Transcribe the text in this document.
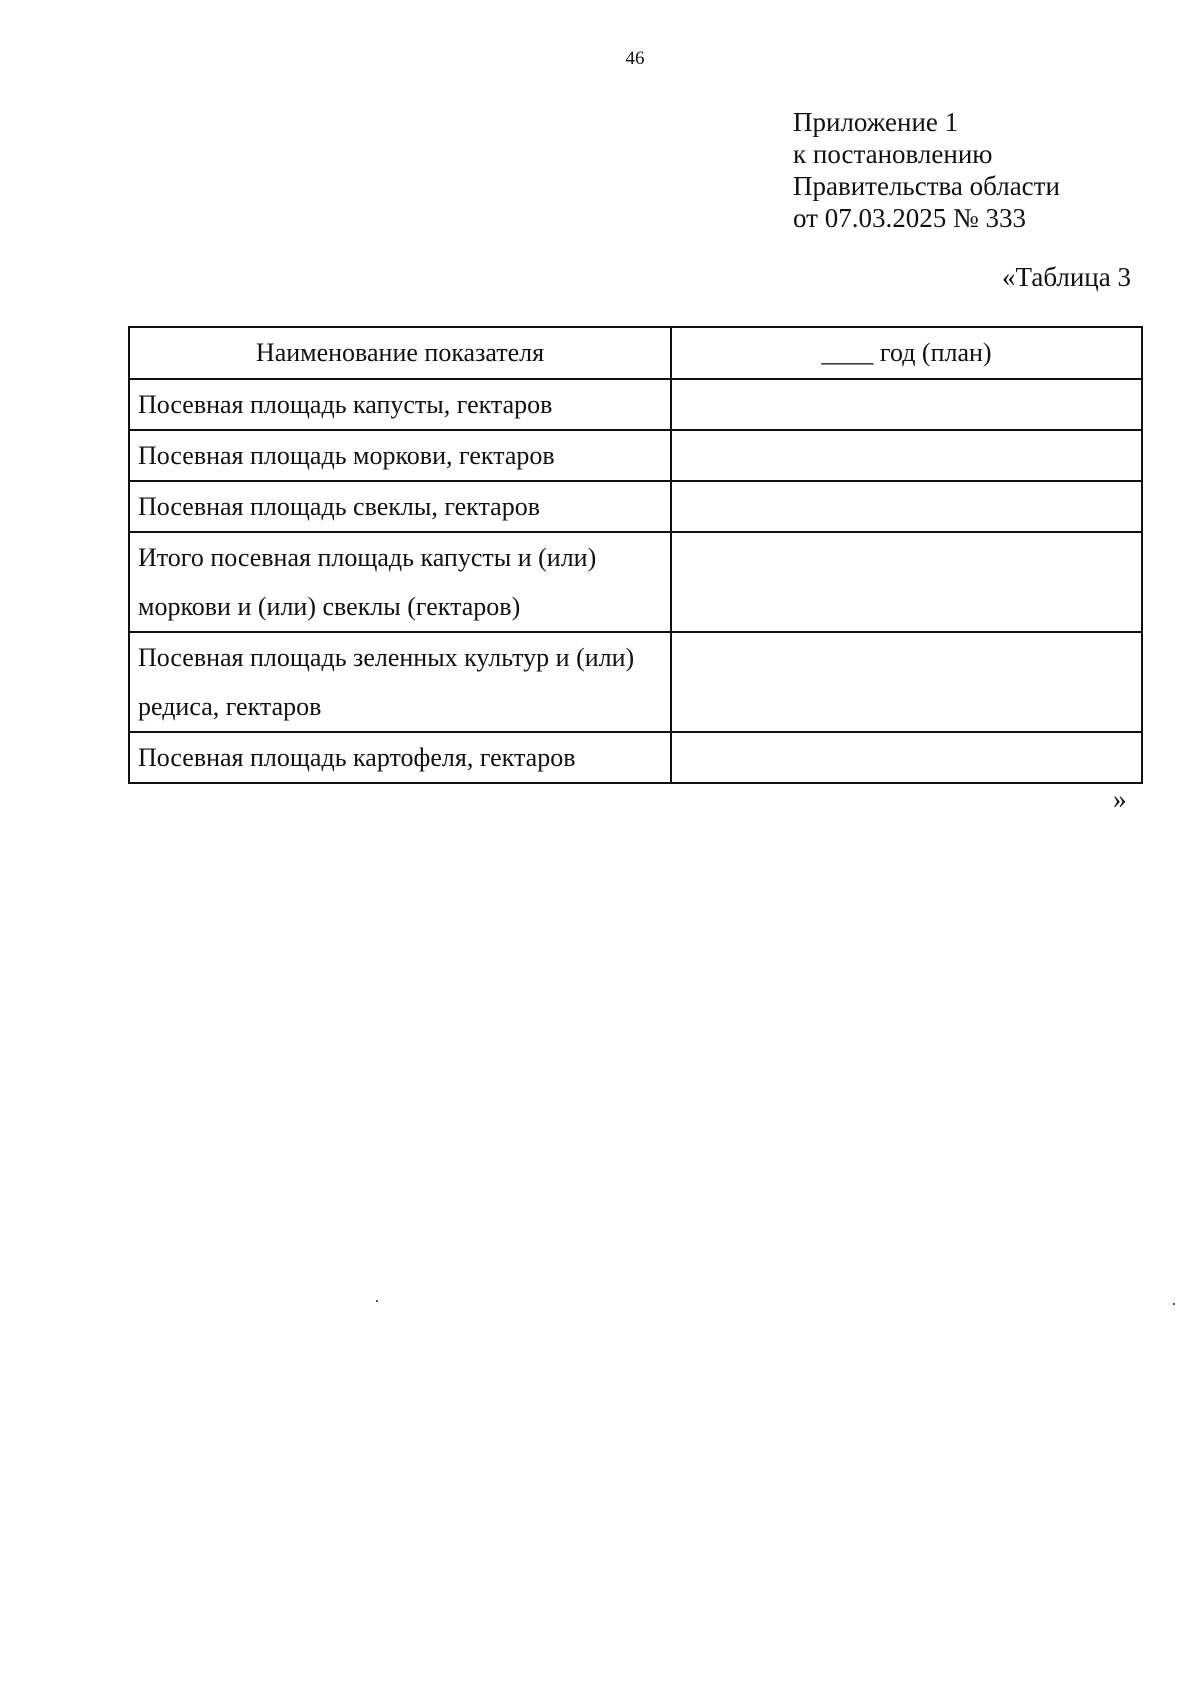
46
Приложение 1
к постановлению
Правительства области
от 07.03.2025 № 333
«Таблица 3
Наименование показателя	____ год (план)
Посевная площадь капусты, гектаров	
Посевная площадь моркови, гектаров	
Посевная площадь свеклы, гектаров	
Итого посевная площадь капусты и (или) моркови и (или) свеклы (гектаров)	
Посевная площадь зеленных культур и (или) редиса, гектаров	
Посевная площадь картофеля, гектаров	
»
